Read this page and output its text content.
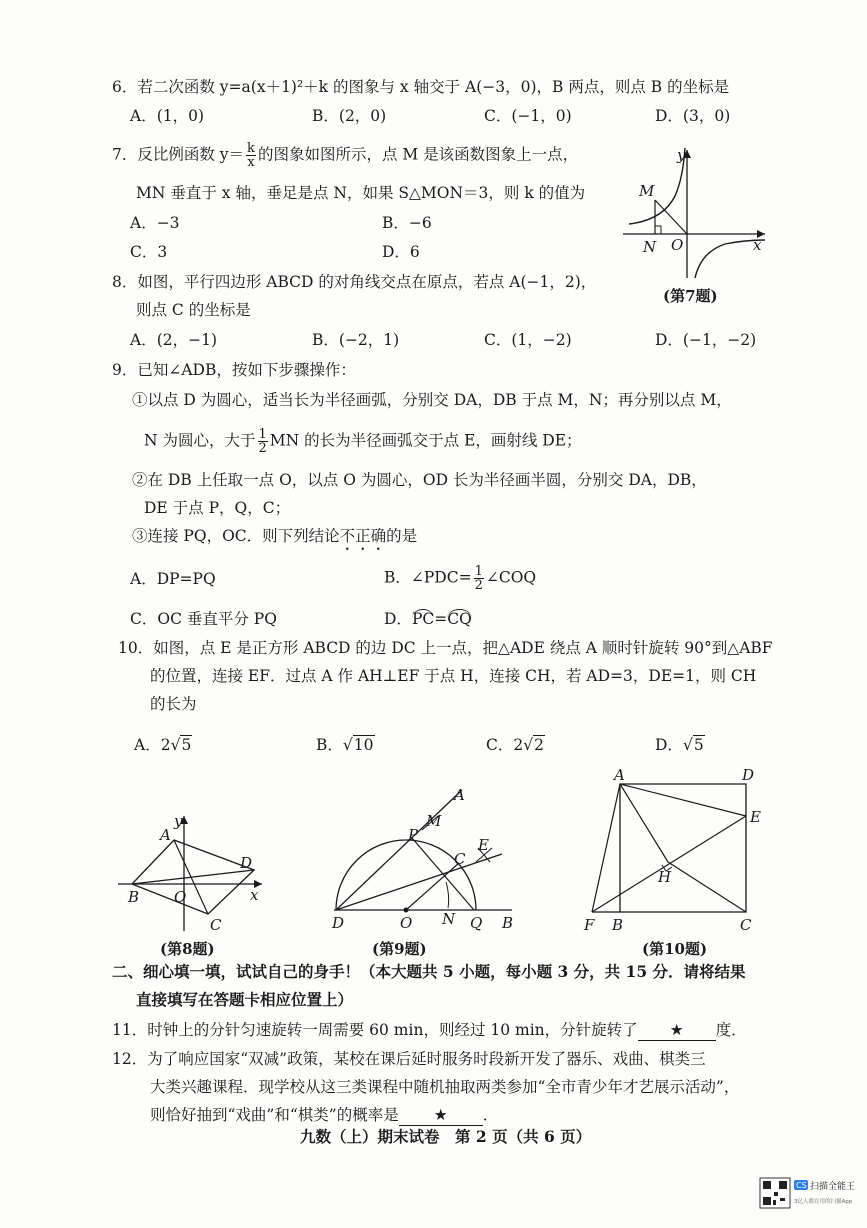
6．若二次函数 y=a(x＋1)²＋k 的图象与 x 轴交于 A(−3，0)，B 两点，则点 B 的坐标是
A．(1，0)	B．(2，0)	C．(−1，0)	D．(3，0)
7．反比例函数 $y= \frac{k}{x}$ 的图象如图所示，点 M 是该函数图象上一点，
MN 垂直于 x 轴，垂足是点 N，如果 S△MON＝3，则 k 的值为
A．−3	B．−6
C．3	D．6
y
x
M
N O
(第7题)
8．如图，平行四边形 ABCD 的对角线交点在原点，若点 A(−1，2)，
则点 C 的坐标是
A．(2，−1)	B．(−2，1)	C．(1，−2)	D．(−1，−2)
9．已知∠ADB，按如下步骤操作：
①以点 D 为圆心，适当长为半径画弧，分别交 DA，DB 于点 M，N；再分别以点 M，
N 为圆心，大于 $\frac{1}{2}$ MN 的长为半径画弧交于点 E，画射线 DE；
②在 DB 上任取一点 O，以点 O 为圆心，OD 长为半径画半圆，分别交 DA，DB，
DE 于点 P，Q，C；
③连接 PQ，OC．则下列结论不正确的是
A．DP=PQ	B．∠PDC= $\frac{1}{2}$ ∠COQ
C．OC 垂直平分 PQ	D．PC=CQ
10．如图，点 E 是正方形 ABCD 的边 DC 上一点，把△ADE 绕点 A 顺时针旋转 90°到△ABF
的位置，连接 EF．过点 A 作 AH⊥EF 于点 H，连接 CH，若 AD=3，DE=1，则 CH
的长为
A．2√5	B．√10	C．2√2	D．√5
y
x
A
B
C
D
O
(第8题)
A
M
P
E
C
D	O N Q B
(第9题)
A	D
E
H
F B	C
(第10题)
二、细心填一填，试试自己的身手！（本大题共 5 小题，每小题 3 分，共 15 分．请将结果
直接填写在答题卡相应位置上）
11．时钟上的分针匀速旋转一周需要 60 min，则经过 10 min，分针旋转了 ★ 度．
12．为了响应国家“双减”政策，某校在课后延时服务时段新开发了器乐、戏曲、棋类三
大类兴趣课程．现学校从这三类课程中随机抽取两类参加“全市青少年才艺展示活动”，
则恰好抽到“戏曲”和“棋类”的概率是 ★ ．
九数（上）期末试卷　第 2 页（共 6 页）
CS 扫描全能王
3亿人都在用的扫描App
